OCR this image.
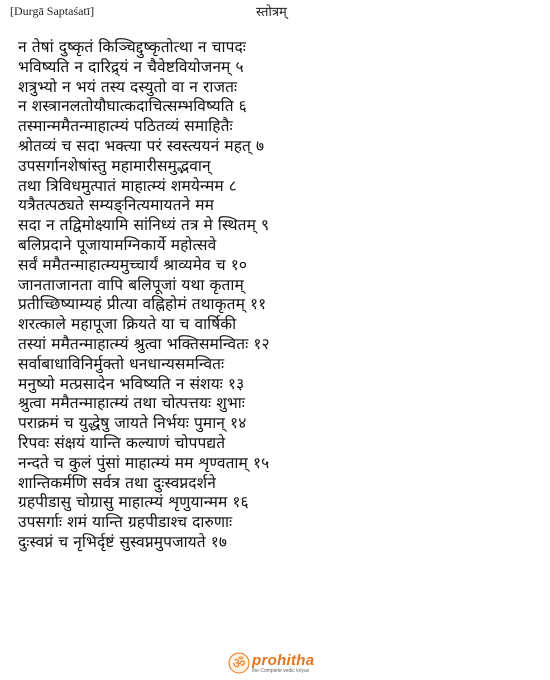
[Durgā Saptaśatī]	स्तोत्रम्
न तेषां दुष्कृतं किञ्चिद्दुष्कृतोत्था न चापदः
भविष्यति न दारिद्र्यं न चैवेष्टवियोजनम् ५
शत्रुभ्यो न भयं तस्य दस्युतो वा न राजतः
न शस्त्रानलतोयौघात्कदाचित्सम्भविष्यति ६
तस्मान्ममैतन्माहात्म्यं पठितव्यं समाहितैः
श्रोतव्यं च सदा भक्त्या परं स्वस्त्ययनं महत् ७
उपसर्गानशेषांस्तु महामारीसमुद्भवान्
तथा त्रिविधमुत्पातं माहात्म्यं शमयेन्मम ८
यत्रैतत्पठ्यते सम्यङ्नित्यमायतने मम
सदा न तद्विमोक्ष्यामि सांनिध्यं तत्र मे स्थितम् ९
बलिप्रदाने पूजायामग्निकार्ये महोत्सवे
सर्वं ममैतन्माहात्म्यमुच्चार्यं श्राव्यमेव च १०
जानताजानता वापि बलिपूजां यथा कृताम्
प्रतीच्छिष्याम्यहं प्रीत्या वह्निहोमं तथाकृतम् ११
शरत्काले महापूजा क्रियते या च वार्षिकी
तस्यां ममैतन्माहात्म्यं श्रुत्वा भक्तिसमन्वितः १२
सर्वाबाधाविनिर्मुक्तो धनधान्यसमन्वितः
मनुष्यो मत्प्रसादेन भविष्यति न संशयः १३
श्रुत्वा ममैतन्माहात्म्यं तथा चोत्पत्तयः शुभाः
पराक्रमं च युद्धेषु जायते निर्भयः पुमान् १४
रिपवः संक्षयं यान्ति कल्याणं चोपपद्यते
नन्दते च कुलं पुंसां माहात्म्यं मम शृण्वताम् १५
शान्तिकर्मणि सर्वत्र तथा दुःस्वप्नदर्शने
ग्रहपीडासु चोग्रासु माहात्म्यं शृणुयान्मम १६
उपसर्गाः शमं यान्ति ग्रहपीडाश्च दारुणाः
दुःस्वप्नं च नृभिर्दृष्टं सुस्वप्नमुपजायते १७
ॐ prohitha
the Complete vedic kriyas
